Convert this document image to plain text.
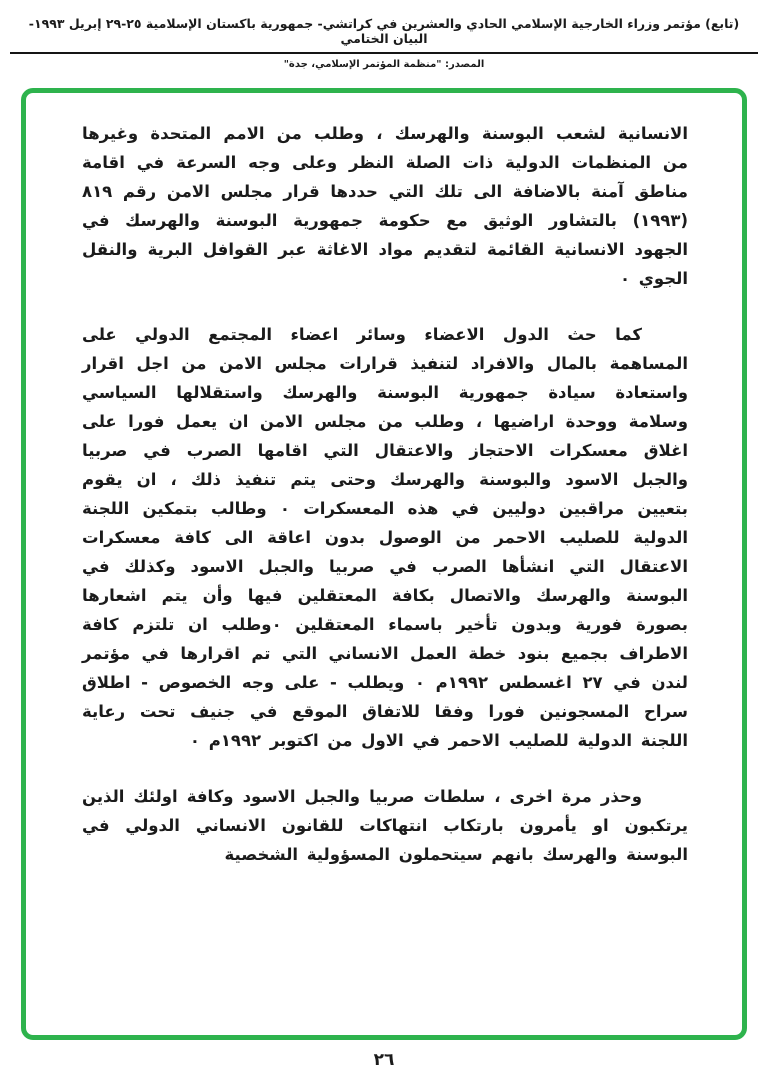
(تابع) مؤتمر وزراء الخارجية الإسلامي الحادي والعشرين في كراتشي- جمهورية باكستان الإسلامية ٢٥-٢٩ إبريل ١٩٩٣- البيان الختامي
المصدر: "منظمة المؤتمر الإسلامي، جدة"

الانسانية لشعب البوسنة والهرسك ، وطلب من الامم المتحدة وغيرها من المنظمات الدولية ذات الصلة النظر وعلى وجه السرعة في اقامة مناطق آمنة بالاضافة الى تلك التي حددها قرار مجلس الامن رقم ٨١٩ (١٩٩٣) بالتشاور الوثيق مع حكومة جمهورية البوسنة والهرسك في الجهود الانسانية القائمة لتقديم مواد الاغاثة عبر القوافل البرية والنقل الجوي ٠

كما حث الدول الاعضاء وسائر اعضاء المجتمع الدولي على المساهمة بالمال والافراد لتنفيذ قرارات مجلس الامن من اجل اقرار واستعادة سيادة جمهورية البوسنة والهرسك واستقلالها السياسي وسلامة ووحدة اراضيها ، وطلب من مجلس الامن ان يعمل فورا على اغلاق معسكرات الاحتجاز والاعتقال التي اقامها الصرب في صربيا والجبل الاسود والبوسنة والهرسك وحتى يتم تنفيذ ذلك ، ان يقوم بتعيين مراقبين دوليين في هذه المعسكرات ٠ وطالب بتمكين اللجنة الدولية للصليب الاحمر من الوصول بدون اعاقة الى كافة معسكرات الاعتقال التي انشأها الصرب في صربيا والجبل الاسود وكذلك في البوسنة والهرسك والاتصال بكافة المعتقلين فيها وأن يتم اشعارها بصورة فورية وبدون تأخير باسماء المعتقلين ٠وطلب ان تلتزم كافة الاطراف بجميع بنود خطة العمل الانساني التي تم اقرارها في مؤتمر لندن في ٢٧ اغسطس ١٩٩٢م ٠ ويطلب - على وجه الخصوص - اطلاق سراح المسجونين فورا وفقا للاتفاق الموقع في جنيف تحت رعاية اللجنة الدولية للصليب الاحمر في الاول من اكتوبر ١٩٩٢م ٠

وحذر مرة اخرى ، سلطات صربيا والجبل الاسود وكافة اولئك الذين يرتكبون او يأمرون بارتكاب انتهاكات للقانون الانساني الدولي في البوسنة والهرسك بانهم سيتحملون المسؤولية الشخصية

٢٦
